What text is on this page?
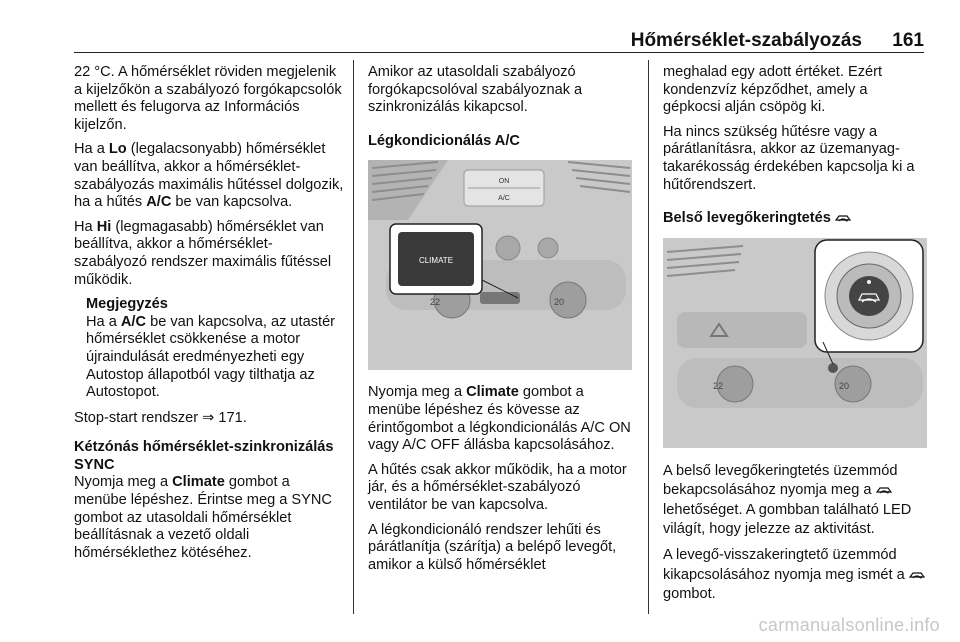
Hőmérséklet-szabályozás 161

22 °C. A hőmérséklet röviden megjelenik a kijelzőkön a szabályozó forgókapcsolók mellett és felugorva az Információs kijelzőn.

Ha a Lo (legalacsonyabb) hőmérséklet van beállítva, akkor a hőmérséklet-szabályozás maximális hűtéssel dolgozik, ha a hűtés A/C be van kapcsolva.

Ha Hi (legmagasabb) hőmérséklet van beállítva, akkor a hőmérséklet-szabályozó rendszer maximális fűtéssel működik.

Megjegyzés
Ha a A/C be van kapcsolva, az utastér hőmérséklet csökkenése a motor újraindulását eredményezheti egy Autostop állapotból vagy tilthatja az Autostopot.

Stop-start rendszer ⇒ 171.

Kétzónás hőmérséklet-szinkronizálás SYNC

Nyomja meg a Climate gombot a menübe lépéshez. Érintse meg a SYNC gombot az utasoldali hőmérséklet beállításnak a vezető oldali hőmérséklethez kötéséhez.

Amikor az utasoldali szabályozó forgókapcsolóval szabályoznak a szinkronizálás kikapcsol.

Légkondicionálás A/C
ON
A/C
22	20
CLIMATE

Nyomja meg a Climate gombot a menübe lépéshez és kövesse az érintőgombot a légkondicionálás A/C ON vagy A/C OFF állásba kapcsolásához.

A hűtés csak akkor működik, ha a motor jár, és a hőmérséklet-szabályozó ventilátor be van kapcsolva.

A légkondicionáló rendszer lehűti és párátlanítja (szárítja) a belépő levegőt, amikor a külső hőmérséklet

meghalad egy adott értéket. Ezért kondenzvíz képződhet, amely a gépkocsi alján csöpög ki.

Ha nincs szükség hűtésre vagy a párátlanításra, akkor az üzemanyag-takarékosság érdekében kapcsolja ki a hűtőrendszert.

Belső levegőkeringtetés
22	20

A belső levegőkeringtetés üzemmód bekapcsolásához nyomja meg a  lehetőséget. A gombban található LED világít, hogy jelezze az aktivitást.

A levegő-visszakeringtető üzemmód kikapcsolásához nyomja meg ismét a  gombot.

carmanualsonline.info
